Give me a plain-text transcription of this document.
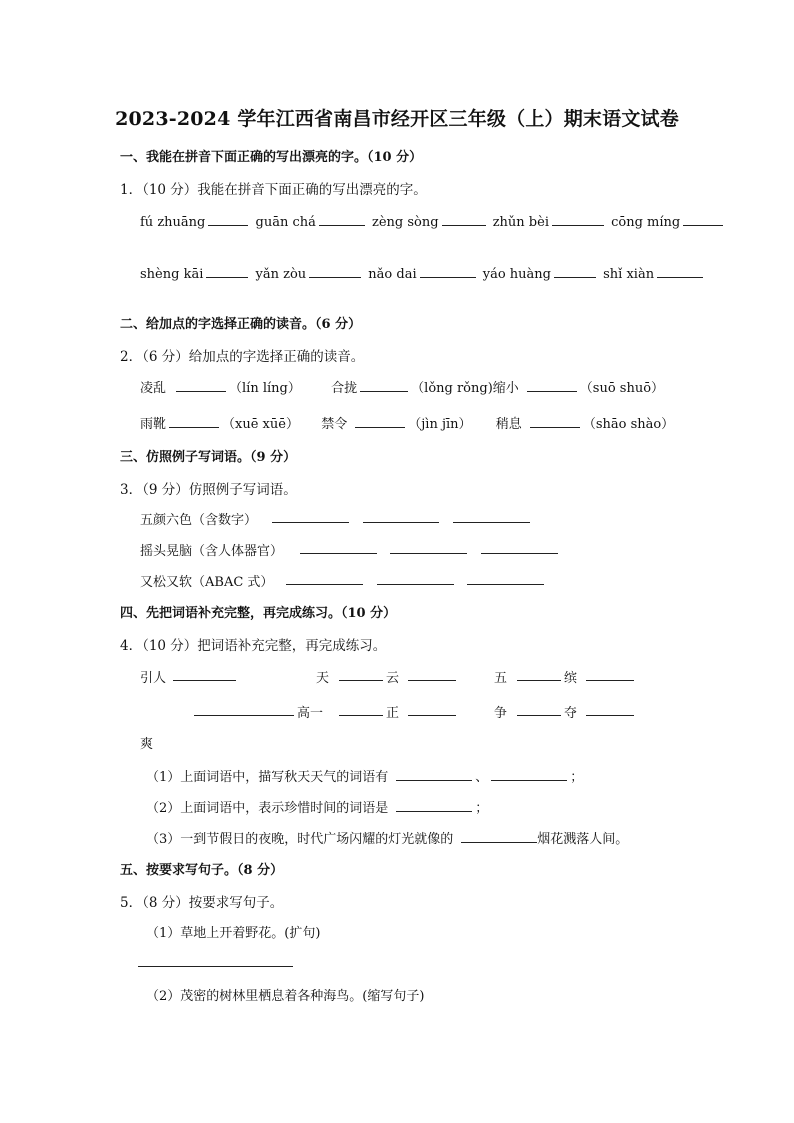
2023-2024 学年江西省南昌市经开区三年级（上）期末语文试卷
一、我能在拼音下面正确的写出漂亮的字。（10 分）
1．（10 分）我能在拼音下面正确的写出漂亮的字。
fú zhuāng	guān chá	zèng sòng	zhǔn bèi	cōng míng
shèng kāi	yǎn zòu	nǎo dai	yáo huàng	shǐ xiàn
二、给加点的字选择正确的读音。（6 分）
2．（6 分）给加点的字选择正确的读音。
凌乱	（lín líng） 合拢	（lǒng rǒng)缩小	（suō shuō）
雨靴	（xuē xūē） 禁令	（jìn jīn） 稍息	（shāo shào）
三、仿照例子写词语。（9 分）
3．（9 分）仿照例子写词语。
五颜六色（含数字）
摇头晃脑（含人体器官）
又松又软（ABAC 式）
四、先把词语补充完整，再完成练习。（10 分）
4．（10 分）把词语补充完整，再完成练习。
引人	天	云	五	缤
高一	正	争	夺
爽
（1）上面词语中，描写秋天天气的词语有	、	；
（2）上面词语中，表示珍惜时间的词语是	；
（3）一到节假日的夜晚，时代广场闪耀的灯光就像的	烟花溅落人间。
五、按要求写句子。（8 分）
5．（8 分）按要求写句子。
（1）草地上开着野花。(扩句)
（2）茂密的树林里栖息着各种海鸟。(缩写句子)
